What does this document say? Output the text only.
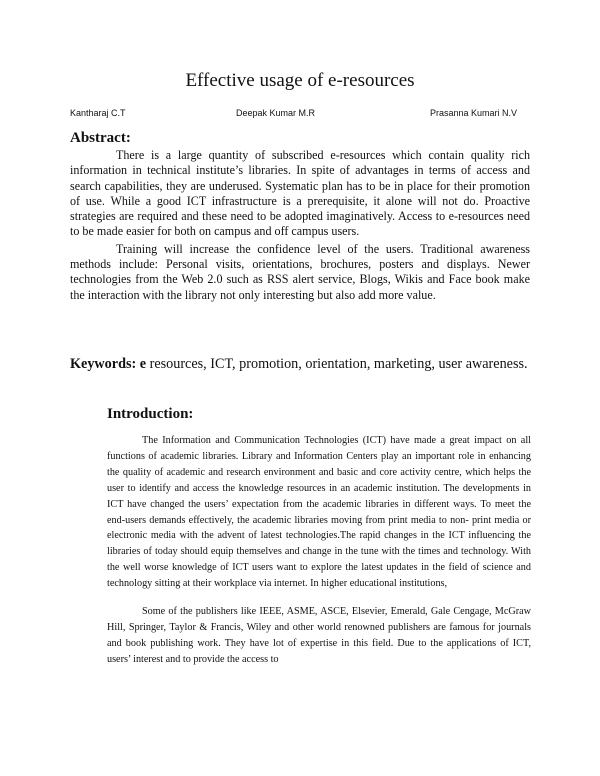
Effective usage of e-resources
Kantharaj C.T	Deepak Kumar M.R	Prasanna Kumari N.V
Abstract:

There is a large quantity of subscribed e-resources which contain quality rich information in technical institute’s libraries. In spite of advantages in terms of access and search capabilities, they are underused. Systematic plan has to be in place for their promotion of use. While a good ICT infrastructure is a prerequisite, it alone will not do. Proactive strategies are required and these need to be adopted imaginatively. Access to e-resources need to be made easier for both on campus and off campus users.

Training will increase the confidence level of the users. Traditional awareness methods include: Personal visits, orientations, brochures, posters and displays. Newer technologies from the Web 2.0 such as RSS alert service, Blogs, Wikis and Face book make the interaction with the library not only interesting but also add more value.

Keywords: e resources, ICT, promotion, orientation, marketing, user awareness.
Introduction:

The Information and Communication Technologies (ICT) have made a great impact on all functions of academic libraries. Library and Information Centers play an important role in enhancing the quality of academic and research environment and basic and core activity centre, which helps the user to identify and access the knowledge resources in an academic institution. The developments in ICT have changed the users’ expectation from the academic libraries in different ways. To meet the end-users demands effectively, the academic libraries moving from print media to non- print media or electronic media with the advent of latest technologies.The rapid changes in the ICT influencing the libraries of today should equip themselves and change in the tune with the times and technology. With the well worse knowledge of ICT users want to explore the latest updates in the field of science and technology sitting at their workplace via internet. In higher educational institutions,

Some of the publishers like IEEE, ASME, ASCE, Elsevier, Emerald, Gale Cengage, McGraw Hill, Springer, Taylor & Francis, Wiley and other world renowned publishers are famous for journals and book publishing work. They have lot of expertise in this field. Due to the applications of ICT, users’ interest and to provide the access to
